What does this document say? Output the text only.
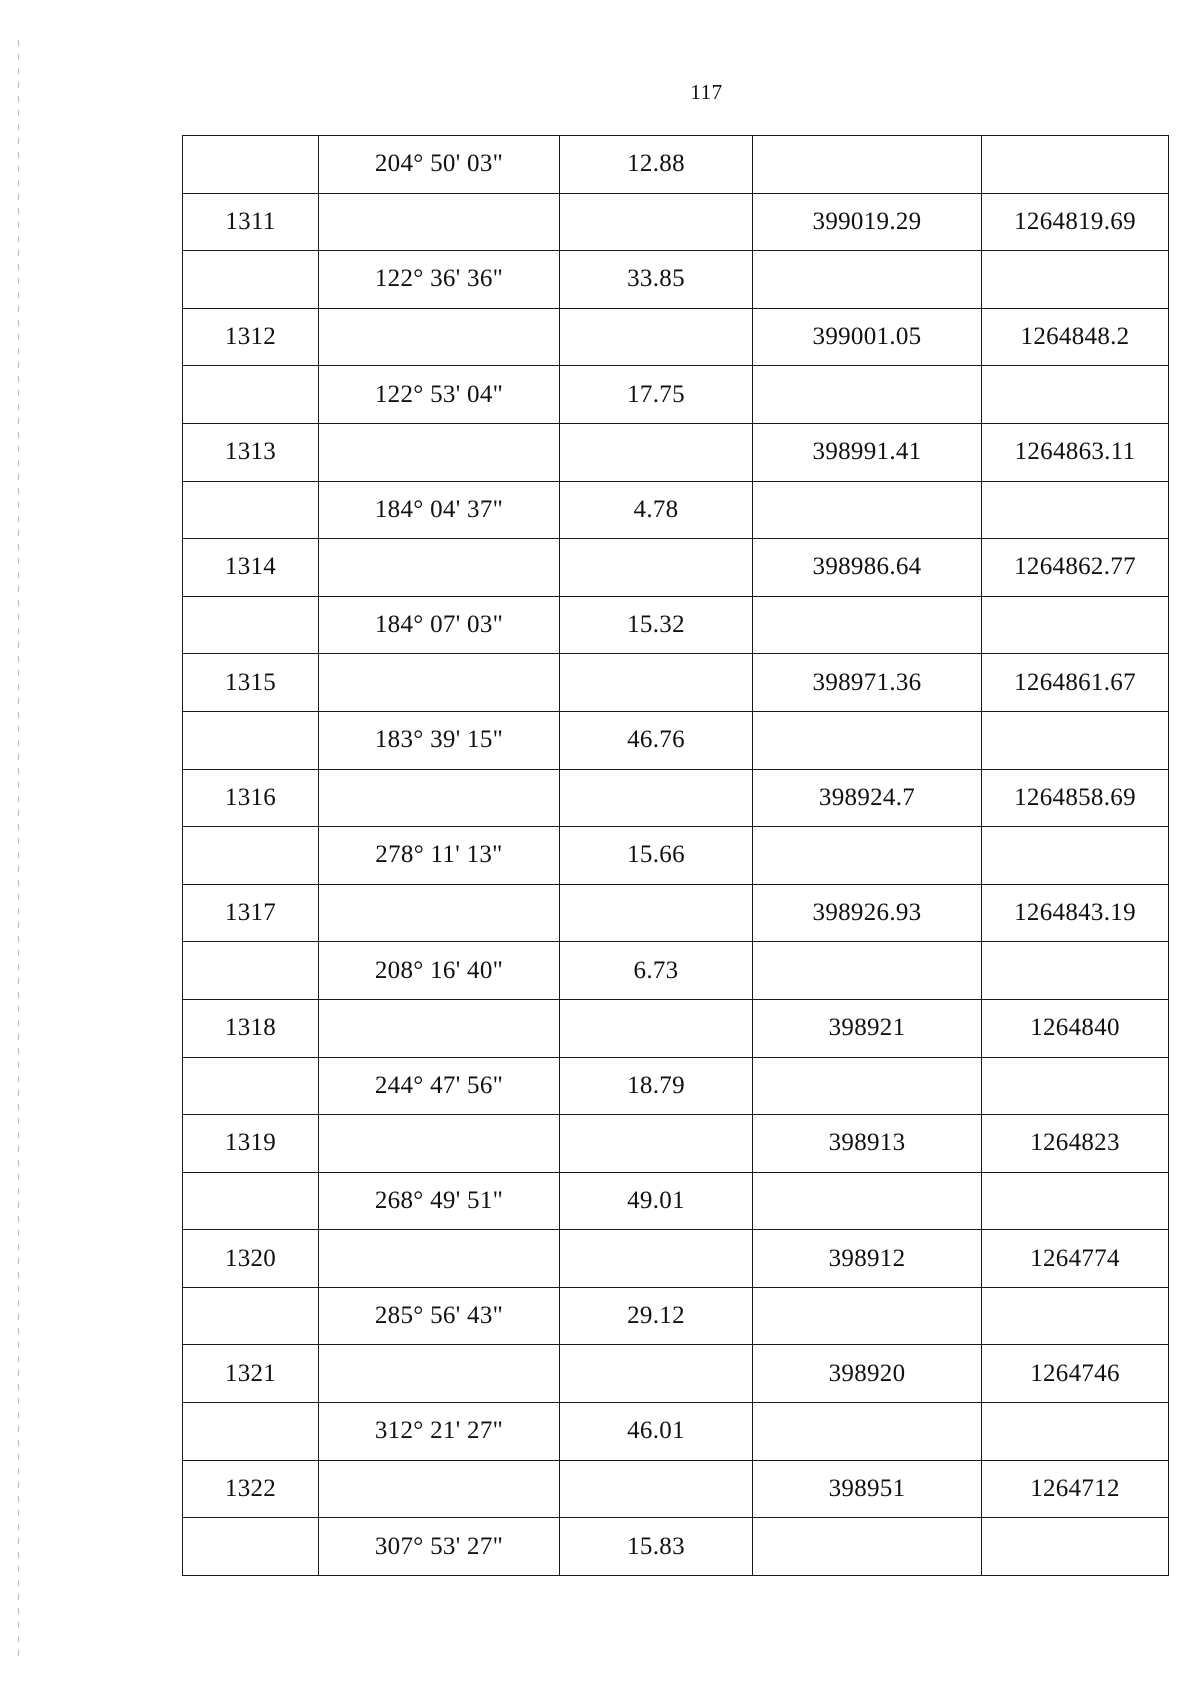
117
	204° 50' 03"	12.88		
1311			399019.29	1264819.69
	122° 36' 36"	33.85		
1312			399001.05	1264848.2
	122° 53' 04"	17.75		
1313			398991.41	1264863.11
	184° 04' 37"	4.78		
1314			398986.64	1264862.77
	184° 07' 03"	15.32		
1315			398971.36	1264861.67
	183° 39' 15"	46.76		
1316			398924.7	1264858.69
	278° 11' 13"	15.66		
1317			398926.93	1264843.19
	208° 16' 40"	6.73		
1318			398921	1264840
	244° 47' 56"	18.79		
1319			398913	1264823
	268° 49' 51"	49.01		
1320			398912	1264774
	285° 56' 43"	29.12		
1321			398920	1264746
	312° 21' 27"	46.01		
1322			398951	1264712
	307° 53' 27"	15.83		
